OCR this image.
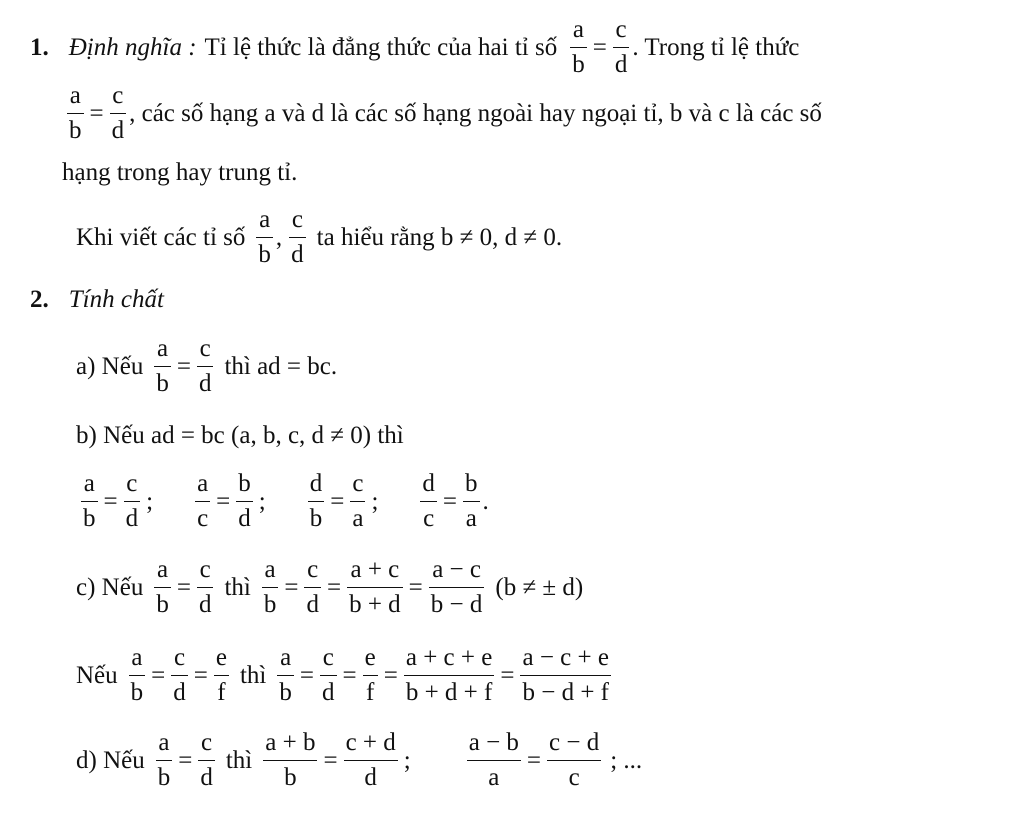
1. Định nghĩa : Tỉ lệ thức là đẳng thức của hai tỉ số $\frac{a}{b} = \frac{c}{d}$ . Trong tỉ lệ thức
$\frac{a}{b} = \frac{c}{d}$ , các số hạng a và d là các số hạng ngoài hay ngoại tỉ, b và c là các số
hạng trong hay trung tỉ.
Khi viết các tỉ số $\frac{a}{b}$ , $\frac{c}{d}$ ta hiểu rằng b ≠ 0, d ≠ 0.
2. Tính chất
a) Nếu $\frac{a}{b} = \frac{c}{d}$ thì ad = bc.
b) Nếu ad = bc (a, b, c, d ≠ 0) thì
$\frac{a}{b} = \frac{c}{d}$ ; $\frac{a}{c} = \frac{b}{d}$ ; $\frac{d}{b} = \frac{c}{a}$ ; $\frac{d}{c} = \frac{b}{a}$ .
c) Nếu $\frac{a}{b} = \frac{c}{d}$ thì $\frac{a}{b} = \frac{c}{d} = \frac{a + c}{b + d} = \frac{a - c}{b - d} (b$ ≠ ± d)
Nếu $\frac{a}{b} = \frac{c}{d} = \frac{e}{f}$ thì $\frac{a}{b} = \frac{c}{d} = \frac{e}{f} = \frac{a + c + e}{b + d + f} = \frac{a - c + e}{b - d + f}$
d) Nếu $\frac{a}{b} = \frac{c}{d}$ thì $\frac{a + b}{b} = \frac{c + d}{d}$ ; $\frac{a - b}{a} = \frac{c - d}{c}$ ; ...
